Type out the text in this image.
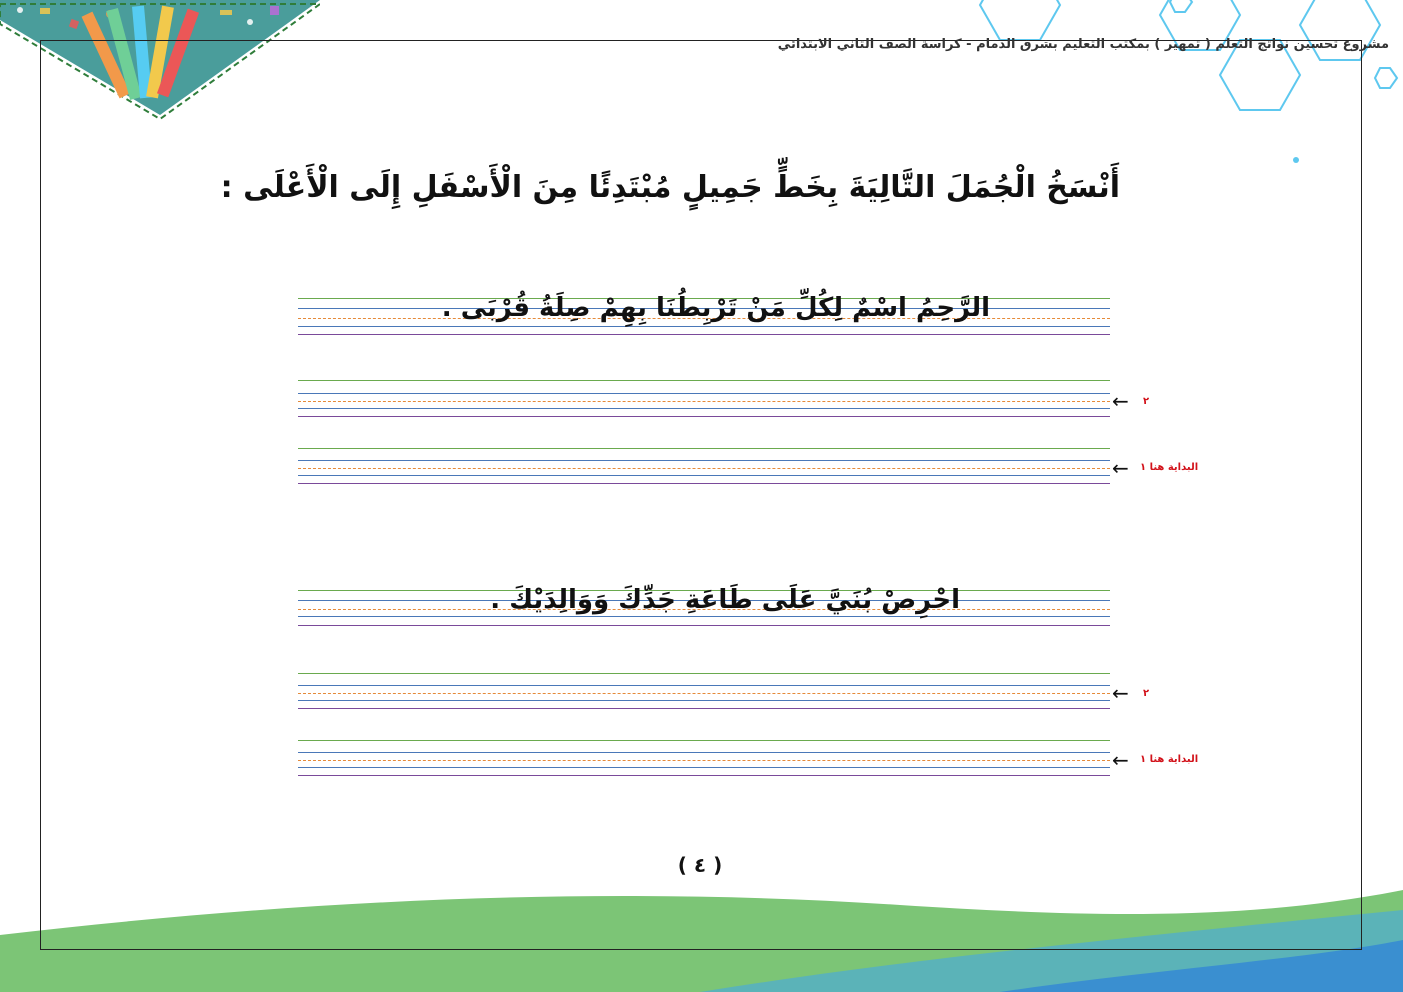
مشروع تحسين نواتج التعلم ( تمهير ) بمكتب التعليم بشرق الدمام - كراسة الصف الثاني الابتدائي
أَنْسَخُ الْجُمَلَ التَّالِيَةَ بِخَطٍّ جَمِيلٍ مُبْتَدِئًا مِنَ الْأَسْفَلِ إِلَى الْأَعْلَى :
الرَّحِمُ اسْمٌ لِكُلِّ مَنْ تَرْبِطُنَا بِهِمْ صِلَةُ قُرْبَى .
← ٢
← البداية هنا ١
احْرِصْ بُنَيَّ عَلَى طَاعَةِ جَدِّكَ وَوَالِدَيْكَ .
← ٢
← البداية هنا ١
( ٤ )
